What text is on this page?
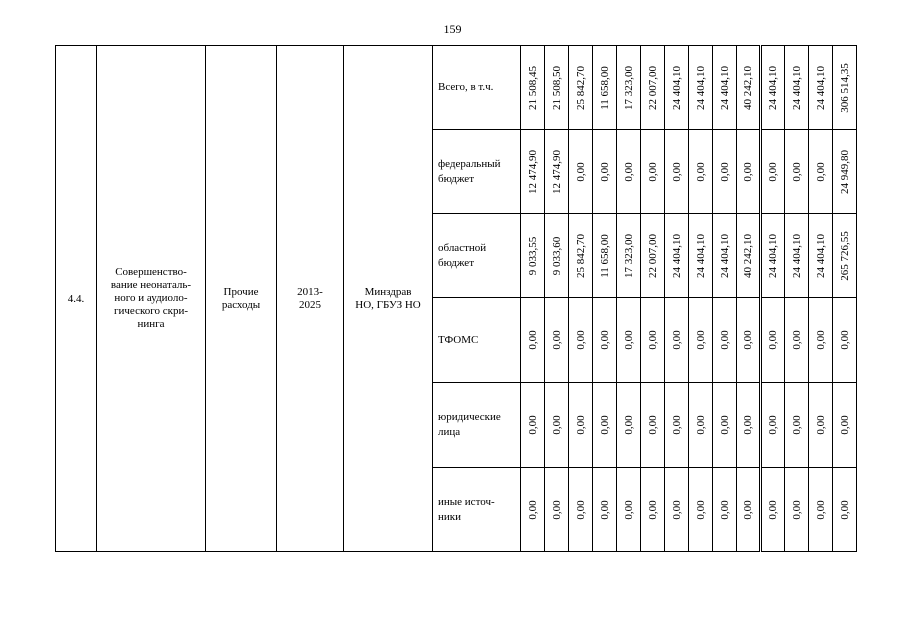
159
4.4.	Совершенство-
вание неонаталь-
ного и аудиоло-
гического скри-
нинга	Прочие
расходы	2013-
2025	Минздрав
НО, ГБУЗ НО	Всего, в т.ч.	21 508,45	21 508,50	25 842,70	11 658,00	17 323,00	22 007,00	24 404,10	24 404,10	24 404,10	40 242,10	24 404,10	24 404,10	24 404,10	306 514,35

					федеральный
бюджет	12 474,90	12 474,90	0,00	0,00	0,00	0,00	0,00	0,00	0,00	0,00	0,00	0,00	0,00	24 949,80

					областной
бюджет	9 033,55	9 033,60	25 842,70	11 658,00	17 323,00	22 007,00	24 404,10	24 404,10	24 404,10	40 242,10	24 404,10	24 404,10	24 404,10	265 726,55

					ТФОМС	0,00	0,00	0,00	0,00	0,00	0,00	0,00	0,00	0,00	0,00	0,00	0,00	0,00	0,00

					юридические
лица	0,00	0,00	0,00	0,00	0,00	0,00	0,00	0,00	0,00	0,00	0,00	0,00	0,00	0,00

					иные источ-
ники	0,00	0,00	0,00	0,00	0,00	0,00	0,00	0,00	0,00	0,00	0,00	0,00	0,00	0,00
